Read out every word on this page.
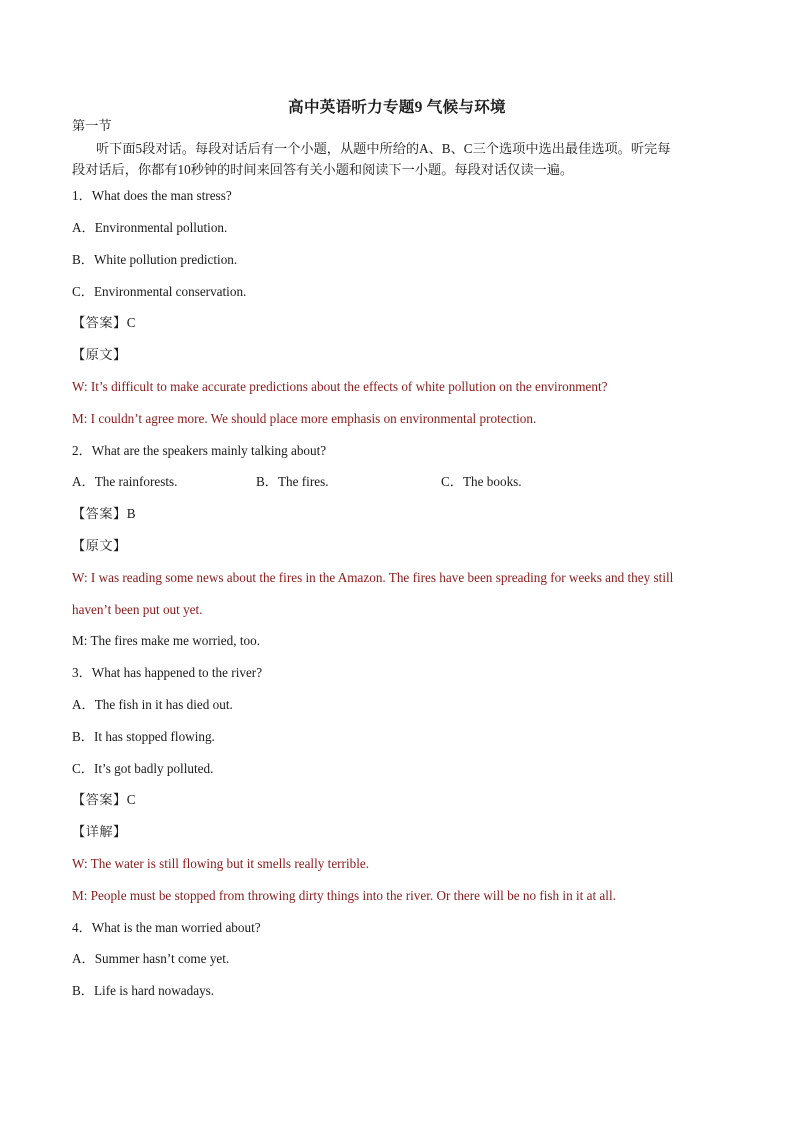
高中英语听力专题9 气候与环境
第一节
听下面5段对话。每段对话后有一个小题，从题中所给的A、B、C三个选项中选出最佳选项。听完每
段对话后，你都有10秒钟的时间来回答有关小题和阅读下一小题。每段对话仅读一遍。
1．What does the man stress?
A．Environmental pollution.
B．White pollution prediction.
C．Environmental conservation.
【答案】C
【原文】
W: It’s difficult to make accurate predictions about the effects of white pollution on the environment?
M: I couldn’t agree more. We should place more emphasis on environmental protection.
2．What are the speakers mainly talking about?
A．The rainforests.	B．The fires.	C．The books.
【答案】B
【原文】
W: I was reading some news about the fires in the Amazon. The fires have been spreading for weeks and they still
haven’t been put out yet.
M: The fires make me worried, too.
3．What has happened to the river?
A．The fish in it has died out.
B．It has stopped flowing.
C．It’s got badly polluted.
【答案】C
【详解】
W: The water is still flowing but it smells really terrible.
M: People must be stopped from throwing dirty things into the river. Or there will be no fish in it at all.
4．What is the man worried about?
A．Summer hasn’t come yet.
B．Life is hard nowadays.
